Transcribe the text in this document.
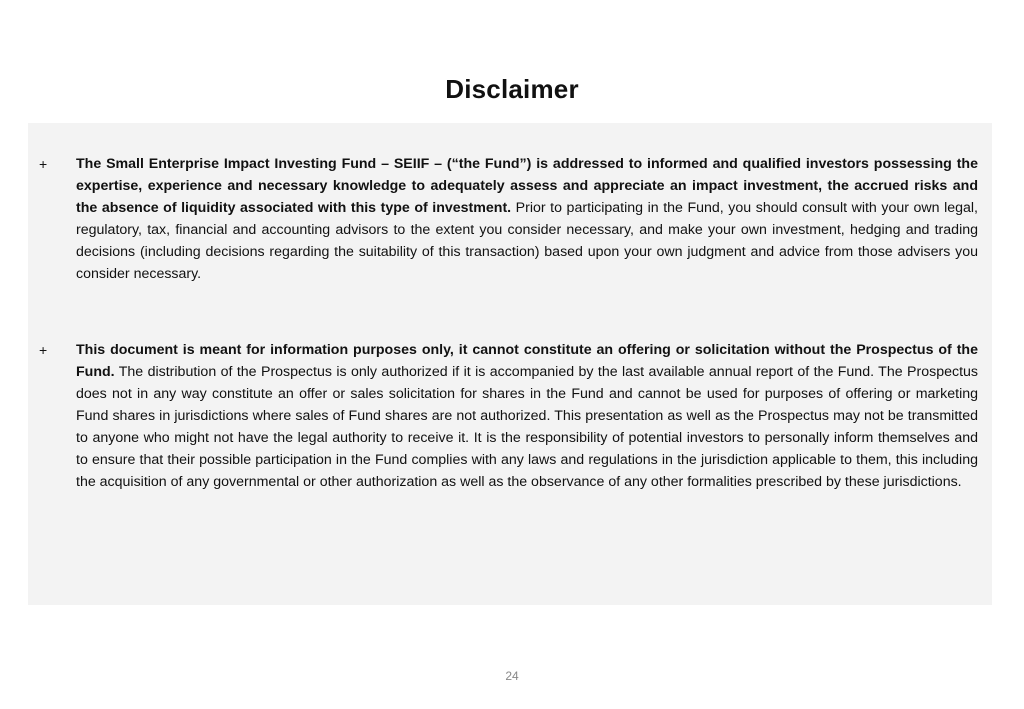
Disclaimer
+ The Small Enterprise Impact Investing Fund – SEIIF – (“the Fund”) is addressed to informed and qualified investors possessing the expertise, experience and necessary knowledge to adequately assess and appreciate an impact investment, the accrued risks and the absence of liquidity associated with this type of investment. Prior to participating in the Fund, you should consult with your own legal, regulatory, tax, financial and accounting advisors to the extent you consider necessary, and make your own investment, hedging and trading decisions (including decisions regarding the suitability of this transaction) based upon your own judgment and advice from those advisers you consider necessary.

+ This document is meant for information purposes only, it cannot constitute an offering or solicitation without the Prospectus of the Fund. The distribution of the Prospectus is only authorized if it is accompanied by the last available annual report of the Fund. The Prospectus does not in any way constitute an offer or sales solicitation for shares in the Fund and cannot be used for purposes of offering or marketing Fund shares in jurisdictions where sales of Fund shares are not authorized. This presentation as well as the Prospectus may not be transmitted to anyone who might not have the legal authority to receive it. It is the responsibility of potential investors to personally inform themselves and to ensure that their possible participation in the Fund complies with any laws and regulations in the jurisdiction applicable to them, this including the acquisition of any governmental or other authorization as well as the observance of any other formalities prescribed by these jurisdictions.

24
